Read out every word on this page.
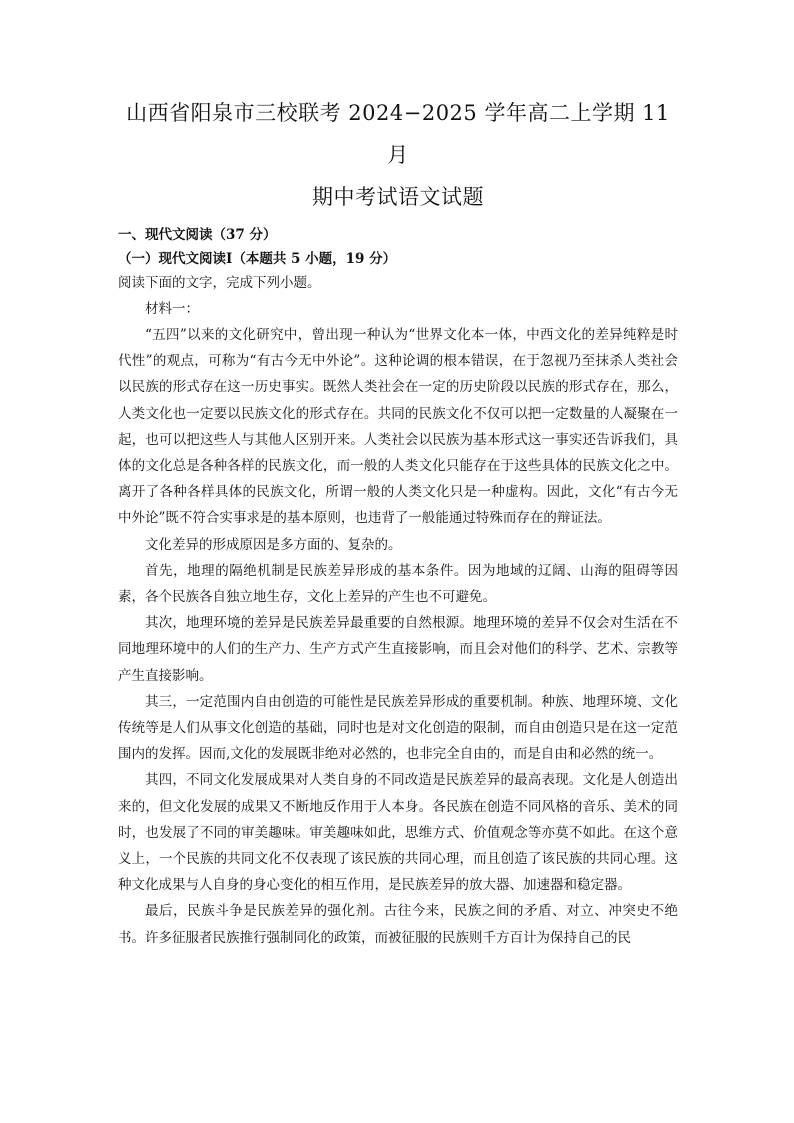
山西省阳泉市三校联考 2024−2025 学年高二上学期 11 月
期中考试语文试题

一、现代文阅读（37 分）

（一）现代文阅读Ⅰ（本题共 5 小题，19 分）

阅读下面的文字，完成下列小题。

材料一：

“五四”以来的文化研究中，曾出现一种认为“世界文化本一体，中西文化的差异纯粹是时代性”的观点，可称为“有古今无中外论”。这种论调的根本错误，在于忽视乃至抹杀人类社会以民族的形式存在这一历史事实。既然人类社会在一定的历史阶段以民族的形式存在，那么，人类文化也一定要以民族文化的形式存在。共同的民族文化不仅可以把一定数量的人凝聚在一起，也可以把这些人与其他人区别开来。人类社会以民族为基本形式这一事实还告诉我们，具体的文化总是各种各样的民族文化，而一般的人类文化只能存在于这些具体的民族文化之中。离开了各种各样具体的民族文化，所谓一般的人类文化只是一种虚构。因此，文化“有古今无中外论”既不符合实事求是的基本原则，也违背了一般能通过特殊而存在的辩证法。

文化差异的形成原因是多方面的、复杂的。

首先，地理的隔绝机制是民族差异形成的基本条件。因为地域的辽阔、山海的阻碍等因素，各个民族各自独立地生存，文化上差异的产生也不可避免。

其次，地理环境的差异是民族差异最重要的自然根源。地理环境的差异不仅会对生活在不同地理环境中的人们的生产力、生产方式产生直接影响，而且会对他们的科学、艺术、宗教等产生直接影响。

其三，一定范围内自由创造的可能性是民族差异形成的重要机制。种族、地理环境、文化传统等是人们从事文化创造的基础，同时也是对文化创造的限制，而自由创造只是在这一定范围内的发挥。因而,文化的发展既非绝对必然的，也非完全自由的，而是自由和必然的统一。

其四，不同文化发展成果对人类自身的不同改造是民族差异的最高表现。文化是人创造出来的，但文化发展的成果又不断地反作用于人本身。各民族在创造不同风格的音乐、美术的同时，也发展了不同的审美趣味。审美趣味如此，思维方式、价值观念等亦莫不如此。在这个意义上，一个民族的共同文化不仅表现了该民族的共同心理，而且创造了该民族的共同心理。这种文化成果与人自身的身心变化的相互作用，是民族差异的放大器、加速器和稳定器。

最后，民族斗争是民族差异的强化剂。古往今来，民族之间的矛盾、对立、冲突史不绝书。许多征服者民族推行强制同化的政策，而被征服的民族则千方百计为保持自己的民
